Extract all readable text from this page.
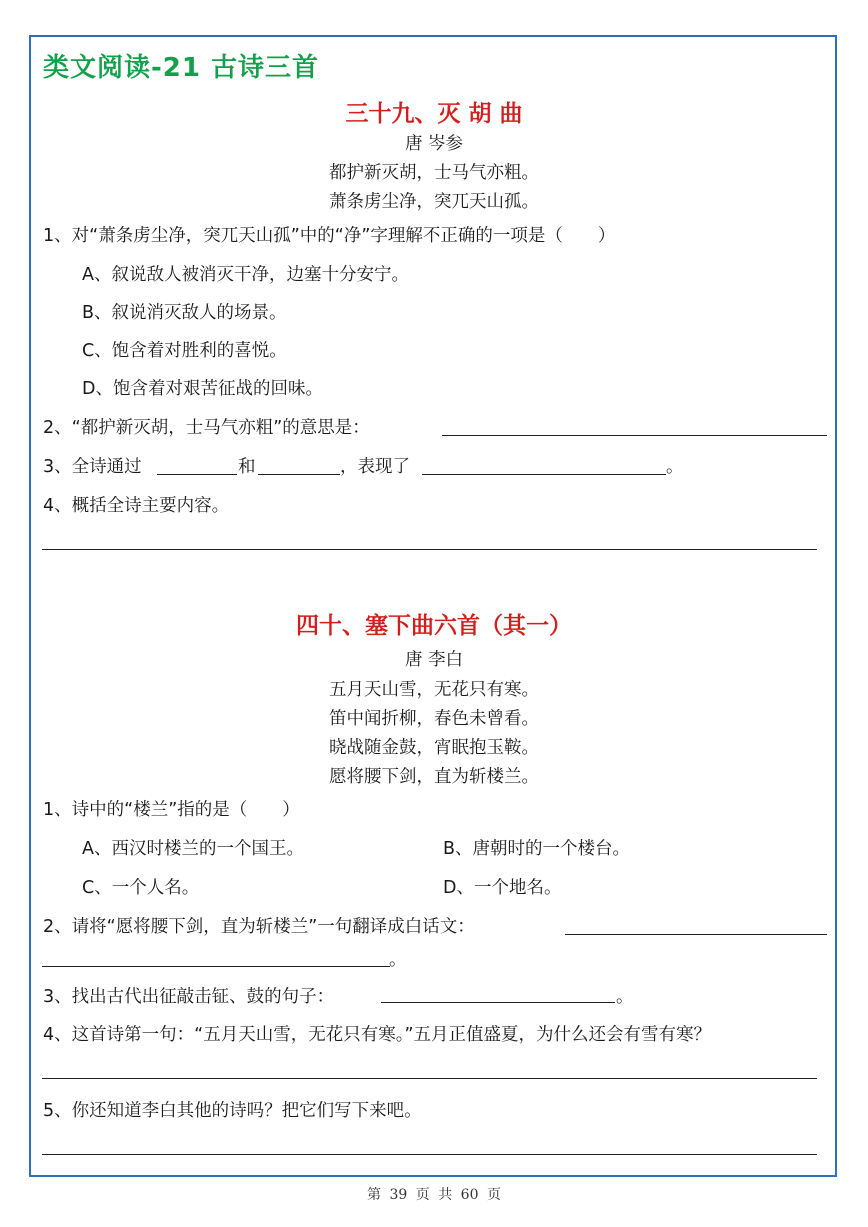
类文阅读-21 古诗三首
三十九、灭 胡 曲
唐 岑参
都护新灭胡，士马气亦粗。
萧条虏尘净，突兀天山孤。
1、对“萧条虏尘净，突兀天山孤”中的“净”字理解不正确的一项是（　　）
A、叙说敌人被消灭干净，边塞十分安宁。
B、叙说消灭敌人的场景。
C、饱含着对胜利的喜悦。
D、饱含着对艰苦征战的回味。
2、“都护新灭胡，士马气亦粗”的意思是：
3、全诗通过	和	，表现了	。
4、概括全诗主要内容。
四十、塞下曲六首（其一）
唐 李白
五月天山雪，无花只有寒。
笛中闻折柳，春色未曾看。
晓战随金鼓，宵眠抱玉鞍。
愿将腰下剑，直为斩楼兰。
1、诗中的“楼兰”指的是（　　）
A、西汉时楼兰的一个国王。	B、唐朝时的一个楼台。
C、一个人名。	D、一个地名。
2、请将“愿将腰下剑，直为斩楼兰”一句翻译成白话文：
。
3、找出古代出征敲击钲、鼓的句子：	。
4、这首诗第一句：“五月天山雪，无花只有寒。”五月正值盛夏，为什么还会有雪有寒？
5、你还知道李白其他的诗吗？把它们写下来吧。
第 39 页 共 60 页
